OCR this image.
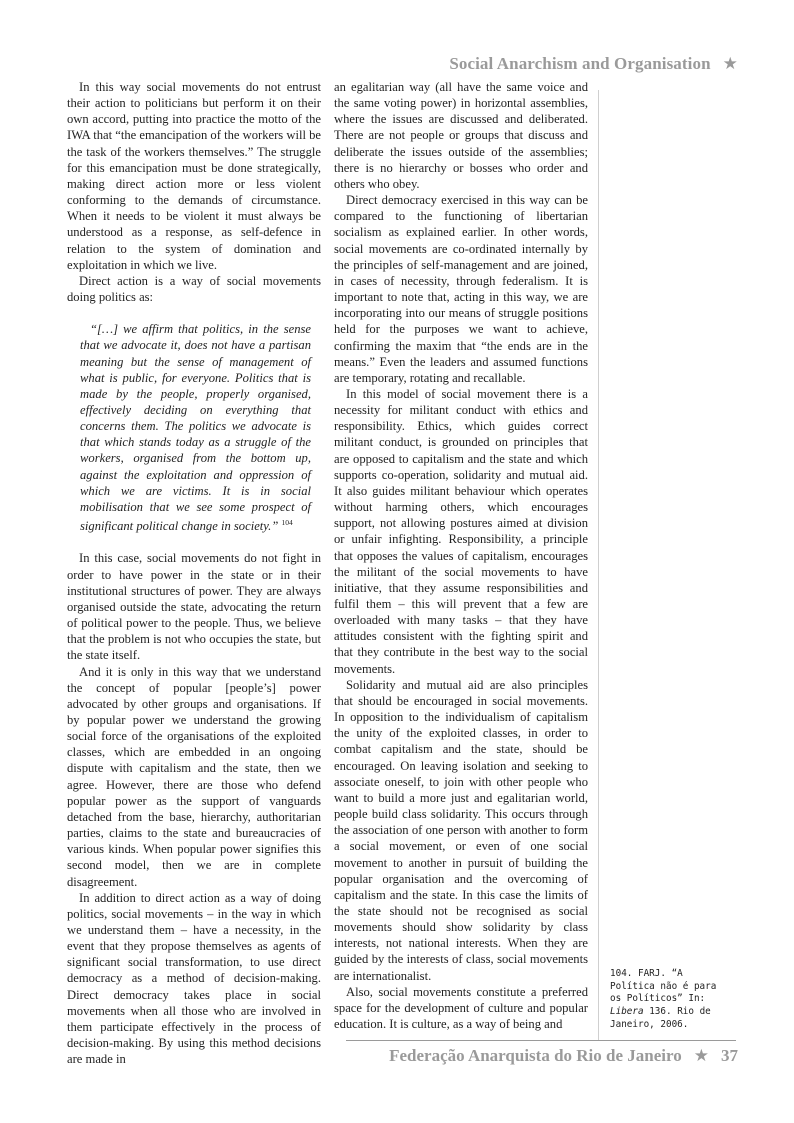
Social Anarchism and Organisation ★

In this way social movements do not entrust their action to politicians but perform it on their own accord, putting into practice the motto of the IWA that “the emancipation of the workers will be the task of the workers themselves.” The struggle for this emancipation must be done strategically, making direct action more or less violent conforming to the demands of circumstance. When it needs to be violent it must always be understood as a response, as self-defence in relation to the system of domination and exploitation in which we live.

Direct action is a way of social movements doing politics as:

“[…] we affirm that politics, in the sense that we advocate it, does not have a partisan meaning but the sense of management of what is public, for everyone. Politics that is made by the people, properly organised, effectively deciding on everything that concerns them. The politics we advocate is that which stands today as a struggle of the workers, organised from the bottom up, against the exploitation and oppression of which we are victims. It is in social mobilisation that we see some prospect of significant political change in society.” $^{104}$

In this case, social movements do not fight in order to have power in the state or in their institutional structures of power. They are always organised outside the state, advocating the return of political power to the people. Thus, we believe that the problem is not who occupies the state, but the state itself.

And it is only in this way that we understand the concept of popular [people’s] power advocated by other groups and organisations. If by popular power we understand the growing social force of the organisations of the exploited classes, which are embedded in an ongoing dispute with capitalism and the state, then we agree. However, there are those who defend popular power as the support of vanguards detached from the base, hierarchy, authoritarian parties, claims to the state and bureaucracies of various kinds. When popular power signifies this second model, then we are in complete disagreement.

In addition to direct action as a way of doing politics, social movements – in the way in which we understand them – have a necessity, in the event that they propose themselves as agents of significant social transformation, to use direct democracy as a method of decision-making. Direct democracy takes place in social movements when all those who are involved in them participate effectively in the process of decision-making. By using this method decisions are made in

an egalitarian way (all have the same voice and the same voting power) in horizontal assemblies, where the issues are discussed and deliberated. There are not people or groups that discuss and deliberate the issues outside of the assemblies; there is no hierarchy or bosses who order and others who obey.

Direct democracy exercised in this way can be compared to the functioning of libertarian socialism as explained earlier. In other words, social movements are co-ordinated internally by the principles of self-management and are joined, in cases of necessity, through federalism. It is important to note that, acting in this way, we are incorporating into our means of struggle positions held for the purposes we want to achieve, confirming the maxim that “the ends are in the means.” Even the leaders and assumed functions are temporary, rotating and recallable.

In this model of social movement there is a necessity for militant conduct with ethics and responsibility. Ethics, which guides correct militant conduct, is grounded on principles that are opposed to capitalism and the state and which supports co-operation, solidarity and mutual aid. It also guides militant behaviour which operates without harming others, which encourages support, not allowing postures aimed at division or unfair infighting. Responsibility, a principle that opposes the values of capitalism, encourages the militant of the social movements to have initiative, that they assume responsibilities and fulfil them – this will prevent that a few are overloaded with many tasks – that they have attitudes consistent with the fighting spirit and that they contribute in the best way to the social movements.

Solidarity and mutual aid are also principles that should be encouraged in social movements. In opposition to the individualism of capitalism the unity of the exploited classes, in order to combat capitalism and the state, should be encouraged. On leaving isolation and seeking to associate oneself, to join with other people who want to build a more just and egalitarian world, people build class solidarity. This occurs through the association of one person with another to form a social movement, or even of one social movement to another in pursuit of building the popular organisation and the overcoming of capitalism and the state. In this case the limits of the state should not be recognised as social movements should show solidarity by class interests, not national interests. When they are guided by the interests of class, social movements are internationalist.

Also, social movements constitute a preferred space for the development of culture and popular education. It is culture, as a way of being and

104. FARJ. “A Política não é para os Políticos” In: Libera 136. Rio de Janeiro, 2006.
Federação Anarquista do Rio de Janeiro ★ 37
